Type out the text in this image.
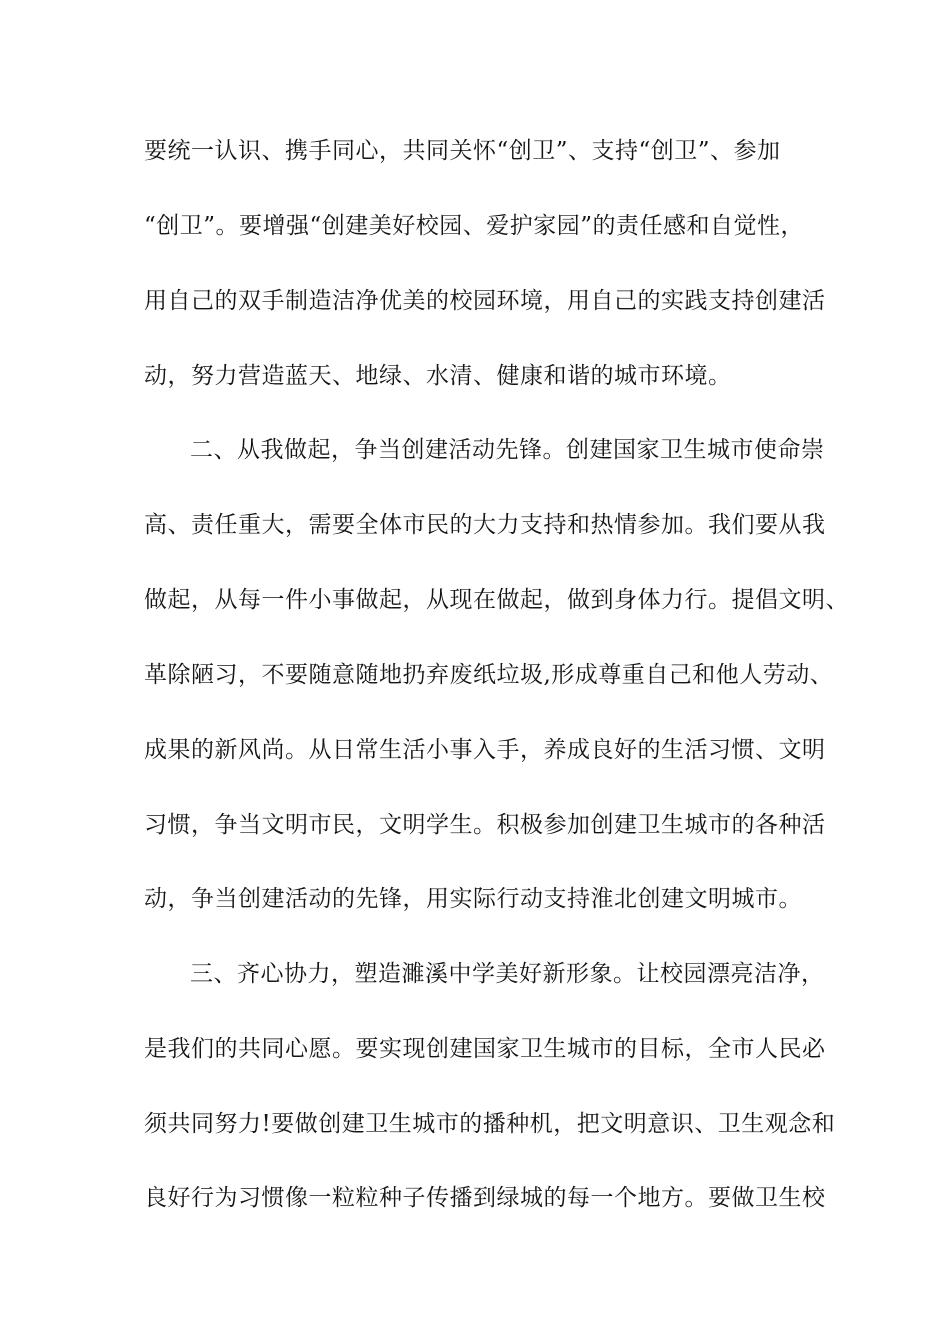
要统一认识、携手同心，共同关怀“创卫”、支持“创卫”、参加
“创卫”。要增强“创建美好校园、爱护家园”的责任感和自觉性，
用自己的双手制造洁净优美的校园环境，用自己的实践支持创建活
动，努力营造蓝天、地绿、水清、健康和谐的城市环境。
二、从我做起，争当创建活动先锋。创建国家卫生城市使命崇
高、责任重大，需要全体市民的大力支持和热情参加。我们要从我
做起，从每一件小事做起，从现在做起，做到身体力行。提倡文明、
革除陋习，不要随意随地扔弃废纸垃圾,形成尊重自己和他人劳动、
成果的新风尚。从日常生活小事入手，养成良好的生活习惯、文明
习惯，争当文明市民，文明学生。积极参加创建卫生城市的各种活
动，争当创建活动的先锋，用实际行动支持淮北创建文明城市。
三、齐心协力，塑造濉溪中学美好新形象。让校园漂亮洁净，
是我们的共同心愿。要实现创建国家卫生城市的目标，全市人民必
须共同努力!要做创建卫生城市的播种机，把文明意识、卫生观念和
良好行为习惯像一粒粒种子传播到绿城的每一个地方。要做卫生校
